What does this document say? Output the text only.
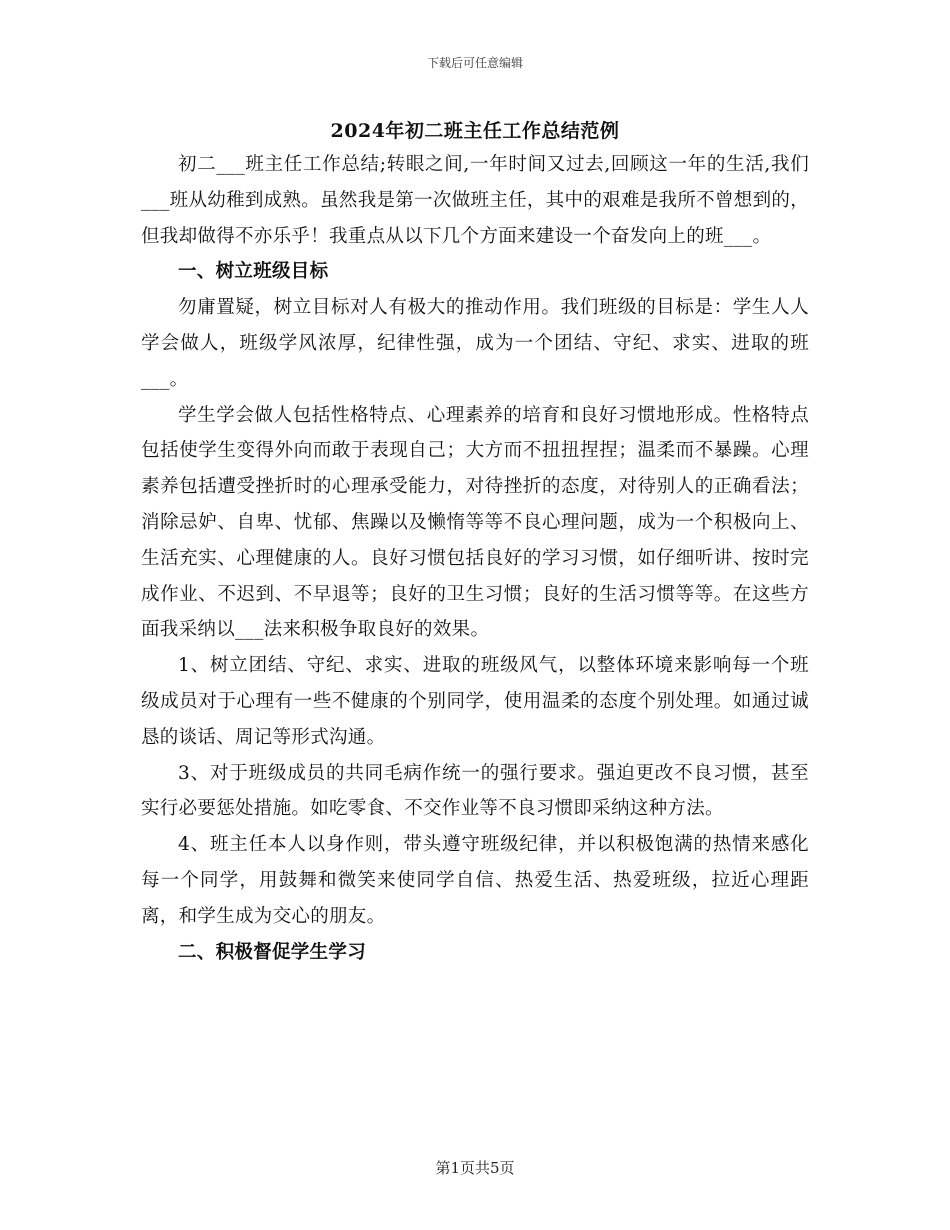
下载后可任意编辑
2024年初二班主任工作总结范例

初二___班主任工作总结;转眼之间,一年时间又过去,回顾这一年的生活,我们___班从幼稚到成熟。虽然我是第一次做班主任，其中的艰难是我所不曾想到的，但我却做得不亦乐乎！我重点从以下几个方面来建设一个奋发向上的班___。

一、树立班级目标

勿庸置疑，树立目标对人有极大的推动作用。我们班级的目标是：学生人人学会做人，班级学风浓厚，纪律性强，成为一个团结、守纪、求实、进取的班___。

学生学会做人包括性格特点、心理素养的培育和良好习惯地形成。性格特点包括使学生变得外向而敢于表现自己；大方而不扭扭捏捏；温柔而不暴躁。心理素养包括遭受挫折时的心理承受能力，对待挫折的态度，对待别人的正确看法；消除忌妒、自卑、忧郁、焦躁以及懒惰等等不良心理问题，成为一个积极向上、生活充实、心理健康的人。良好习惯包括良好的学习习惯，如仔细听讲、按时完成作业、不迟到、不早退等；良好的卫生习惯；良好的生活习惯等等。在这些方面我采纳以___法来积极争取良好的效果。

1、树立团结、守纪、求实、进取的班级风气，以整体环境来影响每一个班级成员对于心理有一些不健康的个别同学，使用温柔的态度个别处理。如通过诚恳的谈话、周记等形式沟通。

3、对于班级成员的共同毛病作统一的强行要求。强迫更改不良习惯，甚至实行必要惩处措施。如吃零食、不交作业等不良习惯即采纳这种方法。

4、班主任本人以身作则，带头遵守班级纪律，并以积极饱满的热情来感化每一个同学，用鼓舞和微笑来使同学自信、热爱生活、热爱班级，拉近心理距离，和学生成为交心的朋友。

二、积极督促学生学习
第1页共5页
